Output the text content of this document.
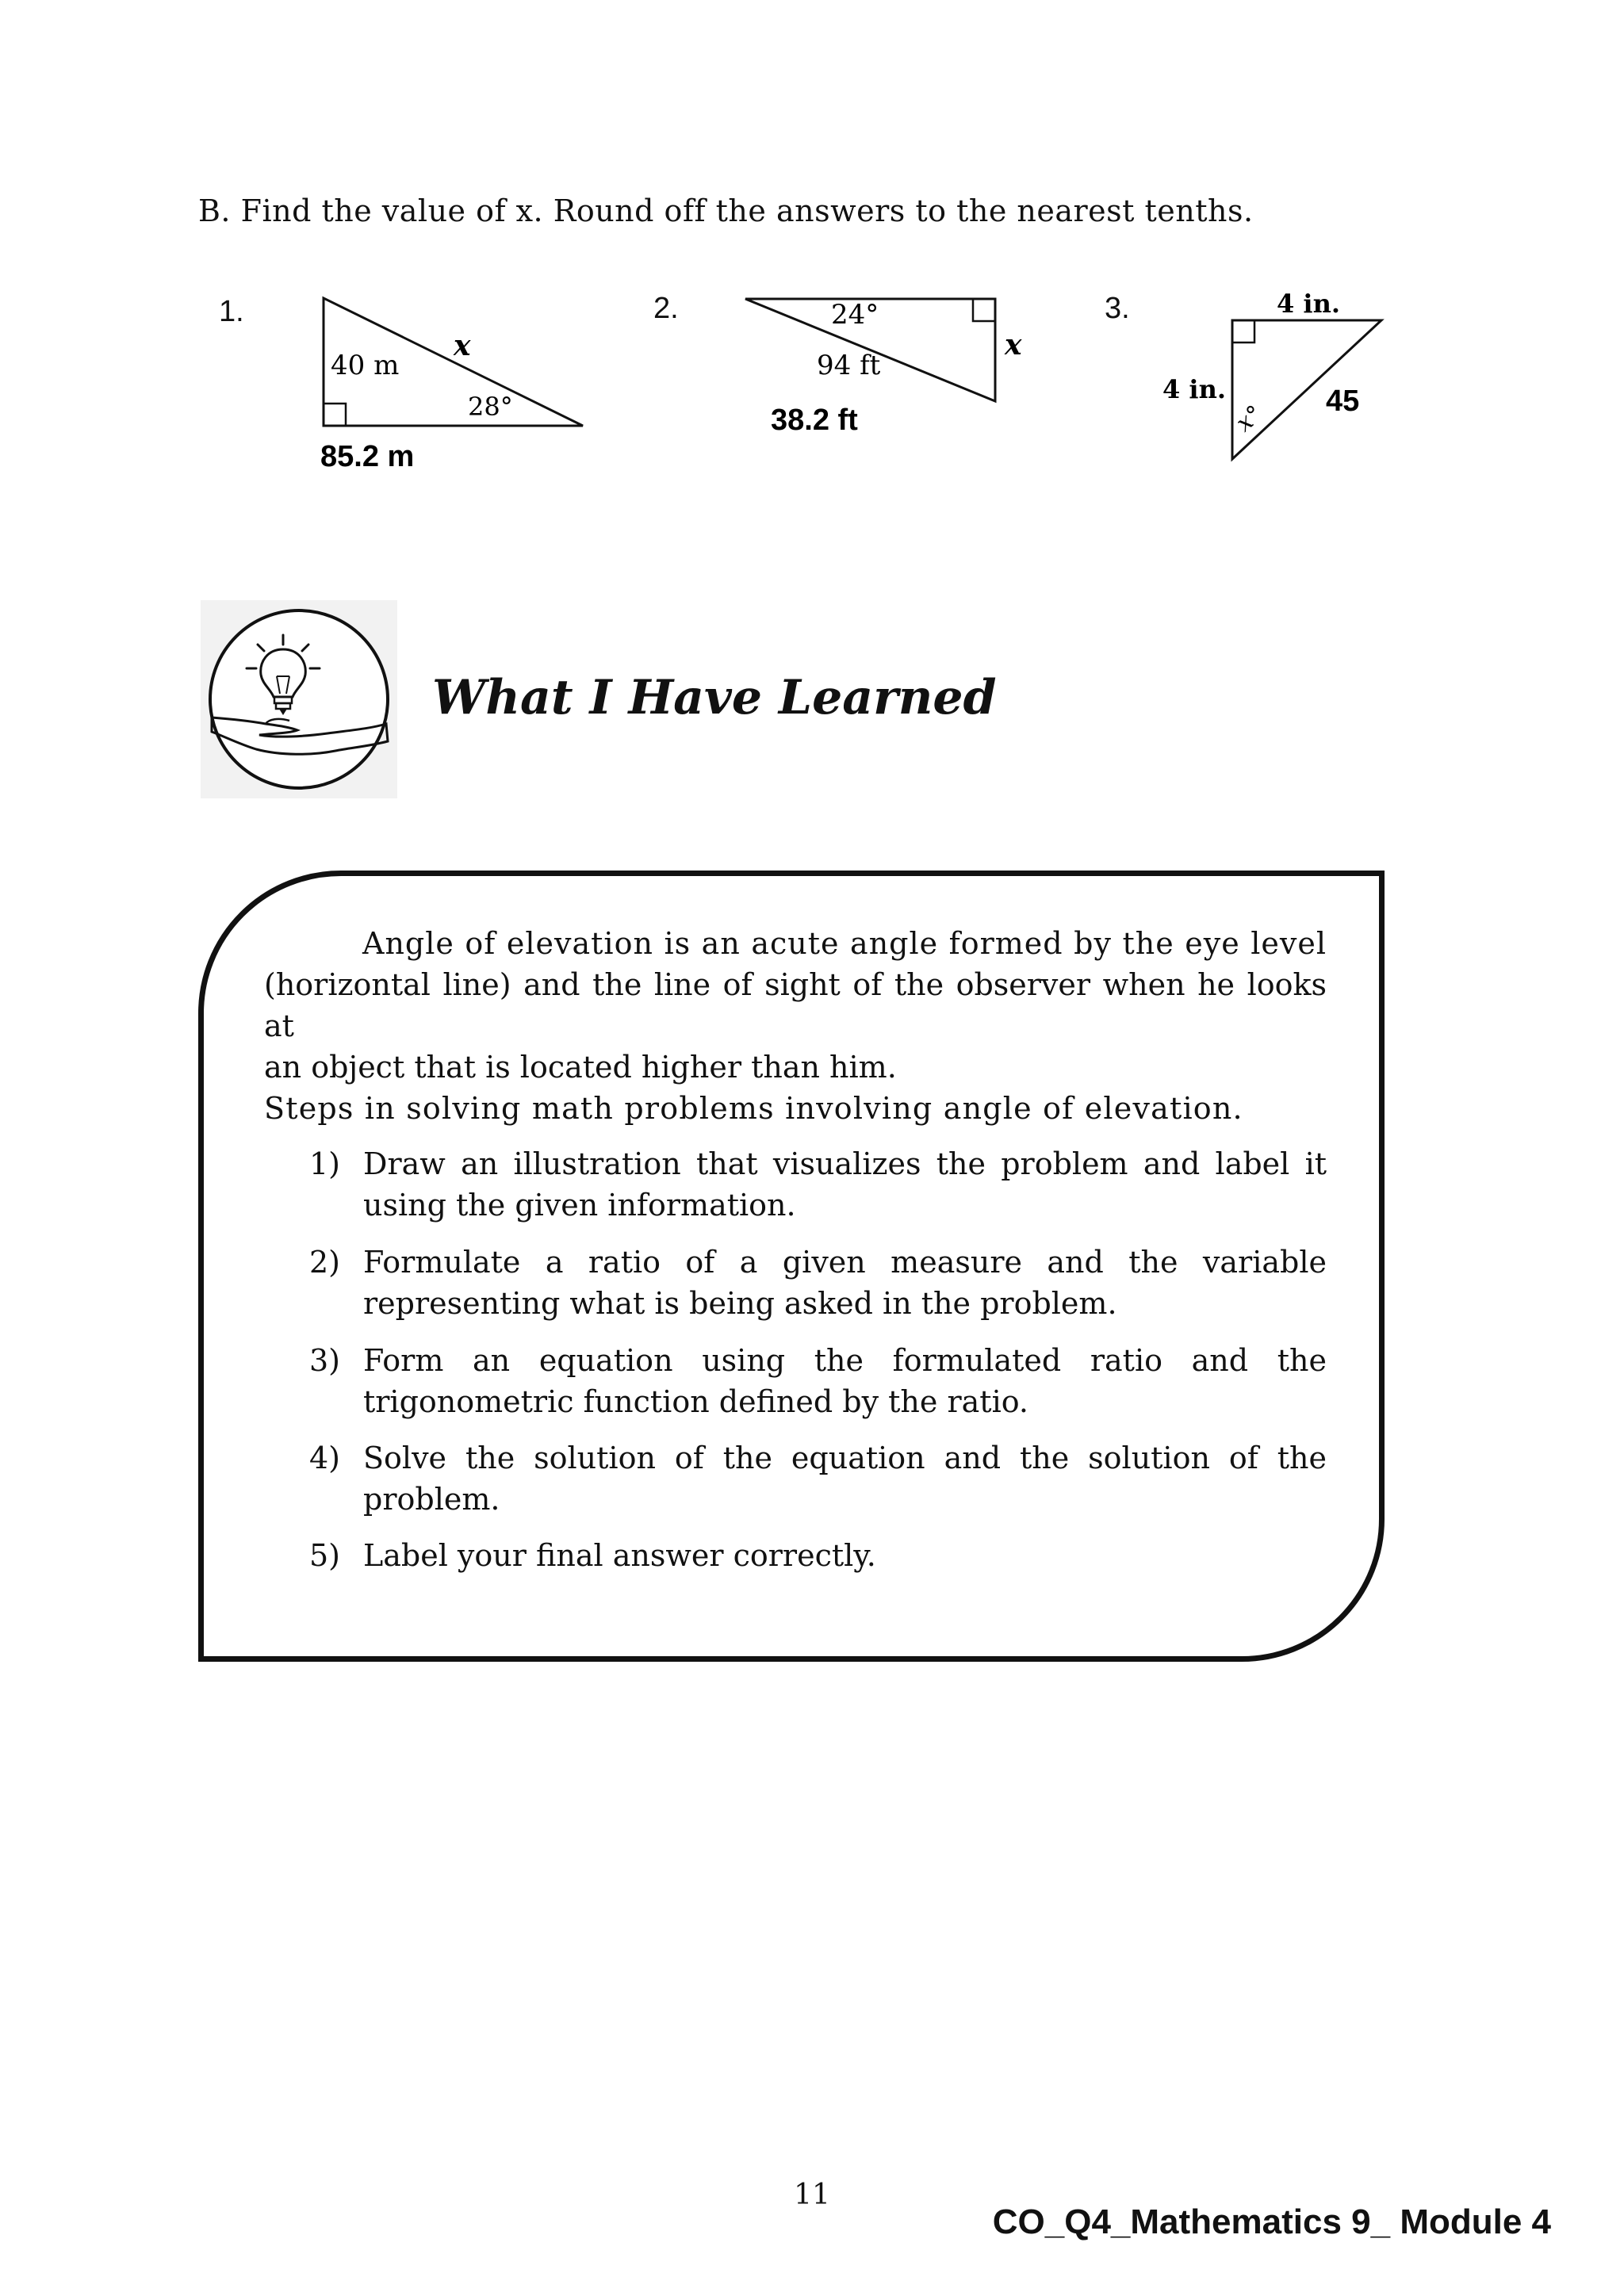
B. Find the value of x. Round off the answers to the nearest tenths.
1.
40 m
x
28°
85.2 m
2.	24°
94 ft
x
38.2 ft
3.	4 in.
4 in.
x° 45
What I Have Learned
Angle of elevation is an acute angle formed by the eye level
(horizontal line) and the line of sight of the observer when he looks at
an object that is located higher than him.
Steps in solving math problems involving angle of elevation.
1) Draw an illustration that visualizes the problem and label it
using the given information.
2) Formulate a ratio of a given measure and the variable
representing what is being asked in the problem.
3) Form an equation using the formulated ratio and the
trigonometric function defined by the ratio.
4) Solve the solution of the equation and the solution of the
problem.
5) Label your final answer correctly.
11
CO_Q4_Mathematics 9_ Module 4
